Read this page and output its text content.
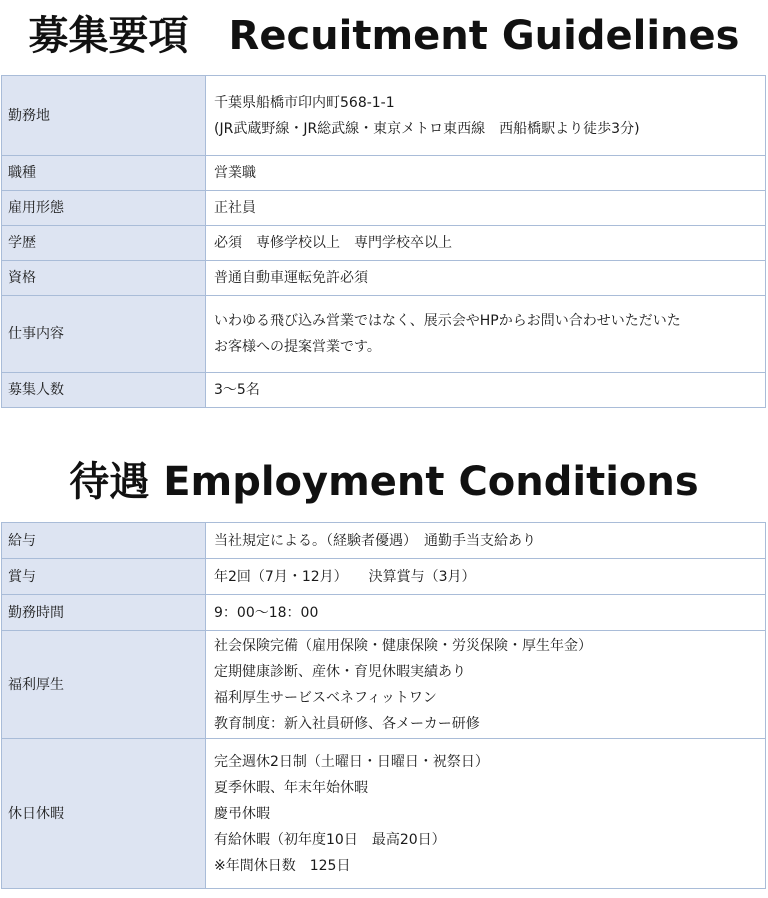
募集要項　Recuitment Guidelines
勤務地	千葉県船橋市印内町568-1-1
(JR武蔵野線・JR総武線・東京メトロ東西線　西船橋駅より徒歩3分)

職種	営業職

雇用形態	正社員

学歴	必須　専修学校以上　専門学校卒以上

資格	普通自動車運転免許必須

仕事内容	いわゆる飛び込み営業ではなく、展示会やHPからお問い合わせいただいた
お客様への提案営業です。

募集人数	3～5名
待遇 Employment Conditions
給与	当社規定による。（経験者優遇）　通勤手当支給あり

賞与	年2回（7月・12月）　　決算賞与（3月）

勤務時間	9：00～18：00

福利厚生	社会保険完備（雇用保険・健康保険・労災保険・厚生年金）
定期健康診断、産休・育児休暇実績あり
福利厚生サービスベネフィットワン
教育制度：新入社員研修、各メーカー研修

休日休暇	完全週休2日制（土曜日・日曜日・祝祭日）
夏季休暇、年末年始休暇
慶弔休暇
有給休暇（初年度10日　最高20日）
※年間休日数　125日
